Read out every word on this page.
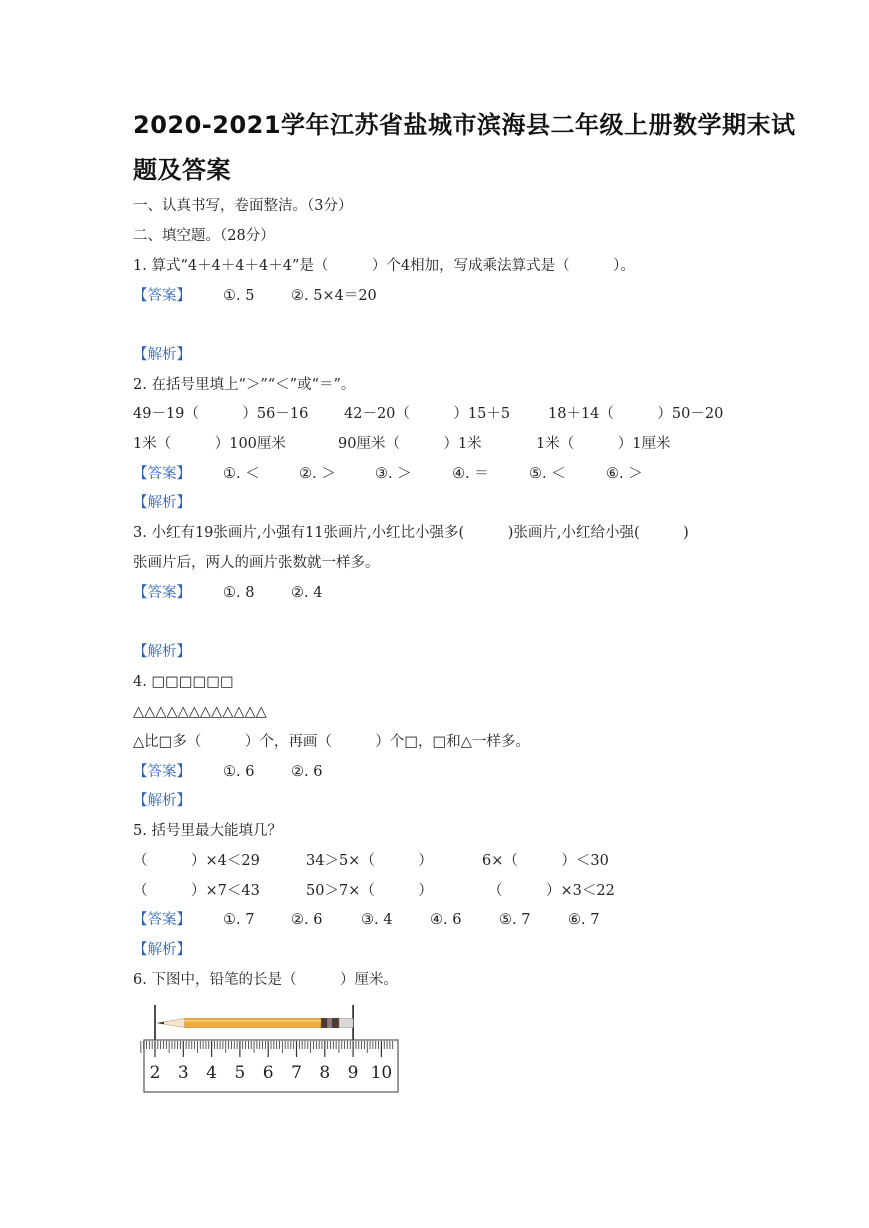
2020-2021学年江苏省盐城市滨海县二年级上册数学期末试
题及答案
一、认真书写，卷面整洁。（3分）
二、填空题。（28分）
1. 算式“4＋4＋4＋4＋4”是（　　　）个4相加，写成乘法算式是（　　　）。
【答案】 ①. 5	②. 5×4＝20
【解析】
2. 在括号里填上“＞”“＜”或“＝”。
49－19（　　　）56－16 42－20（　　　）15＋5	18＋14（　　　）50－20
1米（　　　）100厘米	90厘米（　　　）1米	1米（　　　）1厘米
【答案】 ①. ＜	②. ＞	③. ＞	④. ＝	⑤. ＜	⑥. ＞
【解析】
3. 小红有19张画片,小强有11张画片,小红比小强多(　　　)张画片,小红给小强(　　　)
张画片后，两人的画片张数就一样多。
【答案】 ①. 8	②. 4
【解析】
4. □□□□□□
△△△△△△△△△△△△
△比□多（　　　）个，再画（　　　）个□，□和△一样多。
【答案】 ①. 6	②. 6
【解析】
5. 括号里最大能填几？
（　　　）×4＜29	34＞5×（　　　）	6×（　　　）＜30
（　　　）×7＜43	50＞7×（　　　）	（　　　）×3＜22
【答案】 ①. 7	②. 6	③. 4	④. 6	⑤. 7	⑥. 7
【解析】
6. 下图中，铅笔的长是（　　　）厘米。
2 3 4 5 6 7 8 9 10
